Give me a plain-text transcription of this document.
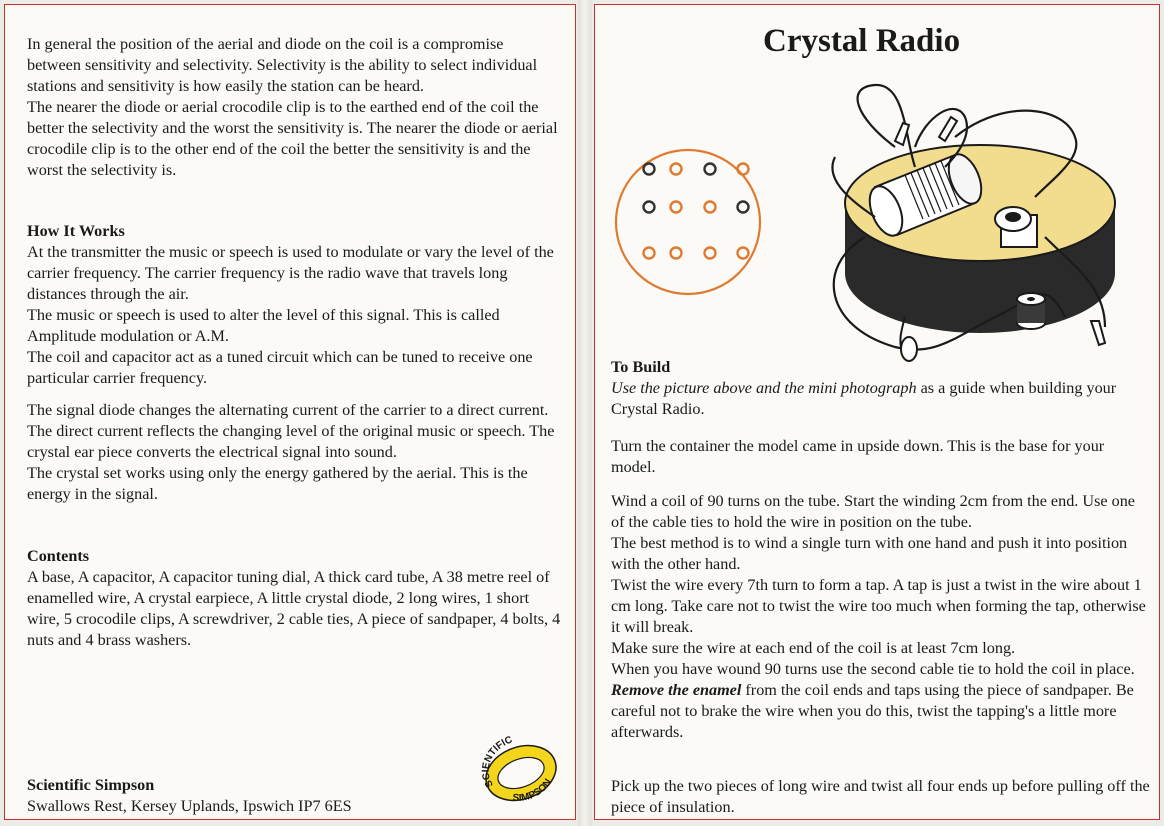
In general the position of the aerial and diode on the coil is a compromise between sensitivity and selectivity. Selectivity is the ability to select individual stations and sensitivity is how easily the station can be heard.

The nearer the diode or aerial crocodile clip is to the earthed end of the coil the better the selectivity and the worst the sensitivity is. The nearer the diode or aerial crocodile clip is to the other end of the coil the better the sensitivity is and the worst the selectivity is.

How It Works

At the transmitter the music or speech is used to modulate or vary the level of the carrier frequency. The carrier frequency is the radio wave that travels long distances through the air.

The music or speech is used to alter the level of this signal. This is called Amplitude modulation or A.M.

The coil and capacitor act as a tuned circuit which can be tuned to receive one particular carrier frequency.

The signal diode changes the alternating current of the carrier to a direct current. The direct current reflects the changing level of the original music or speech. The crystal ear piece converts the electrical signal into sound.

The crystal set works using only the energy gathered by the aerial. This is the energy in the signal.

Contents

A base, A capacitor, A capacitor tuning dial, A thick card tube, A 38 metre reel of enamelled wire, A crystal earpiece, A little crystal diode, 2 long wires, 1 short wire, 5 crocodile clips, A screwdriver, 2 cable ties, A piece of sandpaper, 4 bolts, 4 nuts and 4 brass washers.

Scientific Simpson

Swallows Rest, Kersey Uplands, Ipswich IP7 6ES

SCIENTIFIC
SIMPSON
Crystal Radio

To Build

Use the picture above and the mini photograph as a guide when building your Crystal Radio.

Turn the container the model came in upside down. This is the base for your model.

Wind a coil of 90 turns on the tube. Start the winding 2cm from the end. Use one of the cable ties to hold the wire in position on the tube.

The best method is to wind a single turn with one hand and push it into position with the other hand.

Twist the wire every 7th turn to form a tap. A tap is just a twist in the wire about 1 cm long. Take care not to twist the wire too much when forming the tap, otherwise it will break.

Make sure the wire at each end of the coil is at least 7cm long.

When you have wound 90 turns use the second cable tie to hold the coil in place.

Remove the enamel from the coil ends and taps using the piece of sandpaper. Be careful not to brake the wire when you do this, twist the tapping's a little more afterwards.

Pick up the two pieces of long wire and twist all four ends up before pulling off the piece of insulation.
